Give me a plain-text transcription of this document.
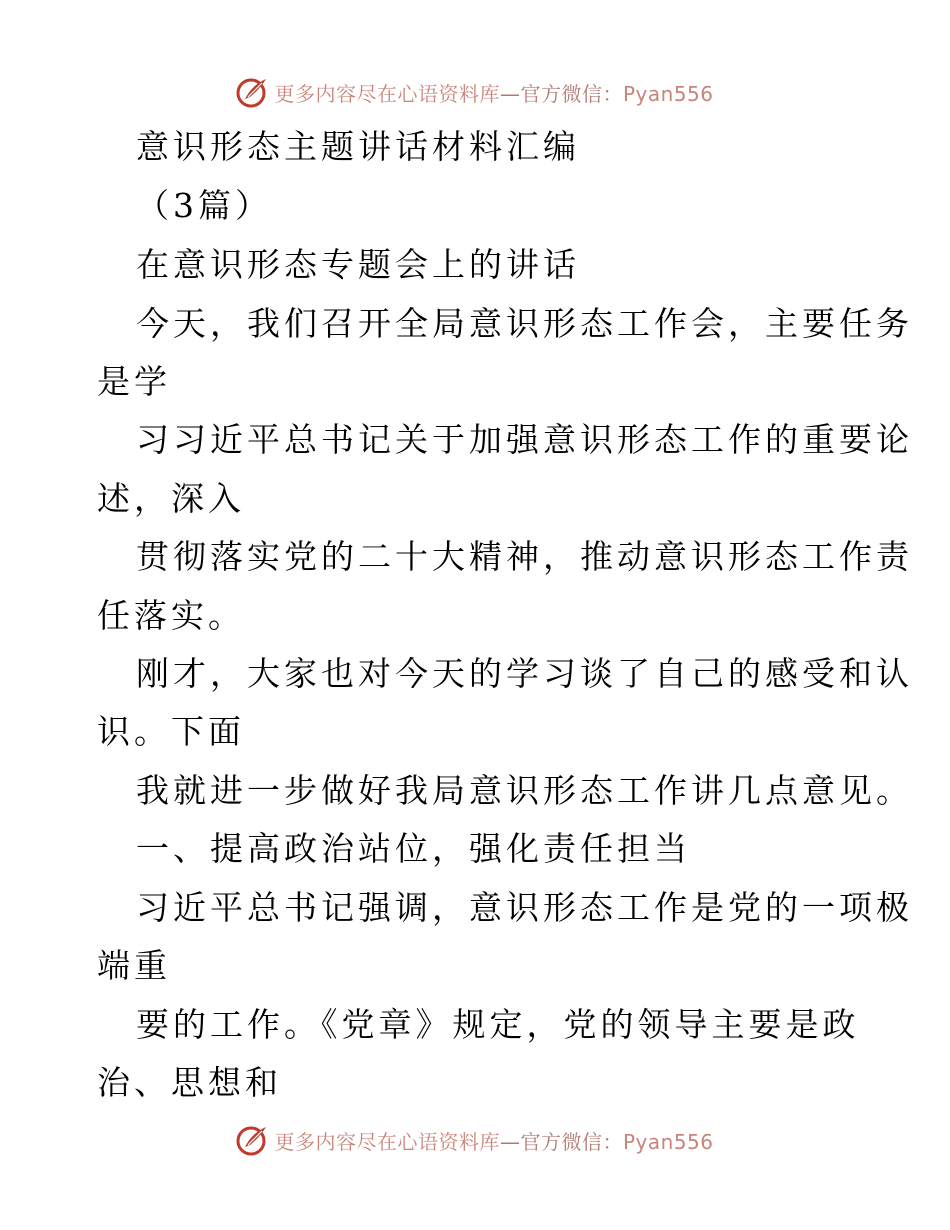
更多内容尽在心语资料库—官方微信：Pyan556
意识形态主题讲话材料汇编
（3篇）
在意识形态专题会上的讲话
今天，我们召开全局意识形态工作会，主要任务
是学
习习近平总书记关于加强意识形态工作的重要论
述，深入
贯彻落实党的二十大精神，推动意识形态工作责
任落实。
刚才，大家也对今天的学习谈了自己的感受和认
识。下面
我就进一步做好我局意识形态工作讲几点意见。
一、提高政治站位，强化责任担当
习近平总书记强调，意识形态工作是党的一项极
端重
要的工作。《党章》规定，党的领导主要是政
治、思想和
更多内容尽在心语资料库—官方微信：Pyan556
